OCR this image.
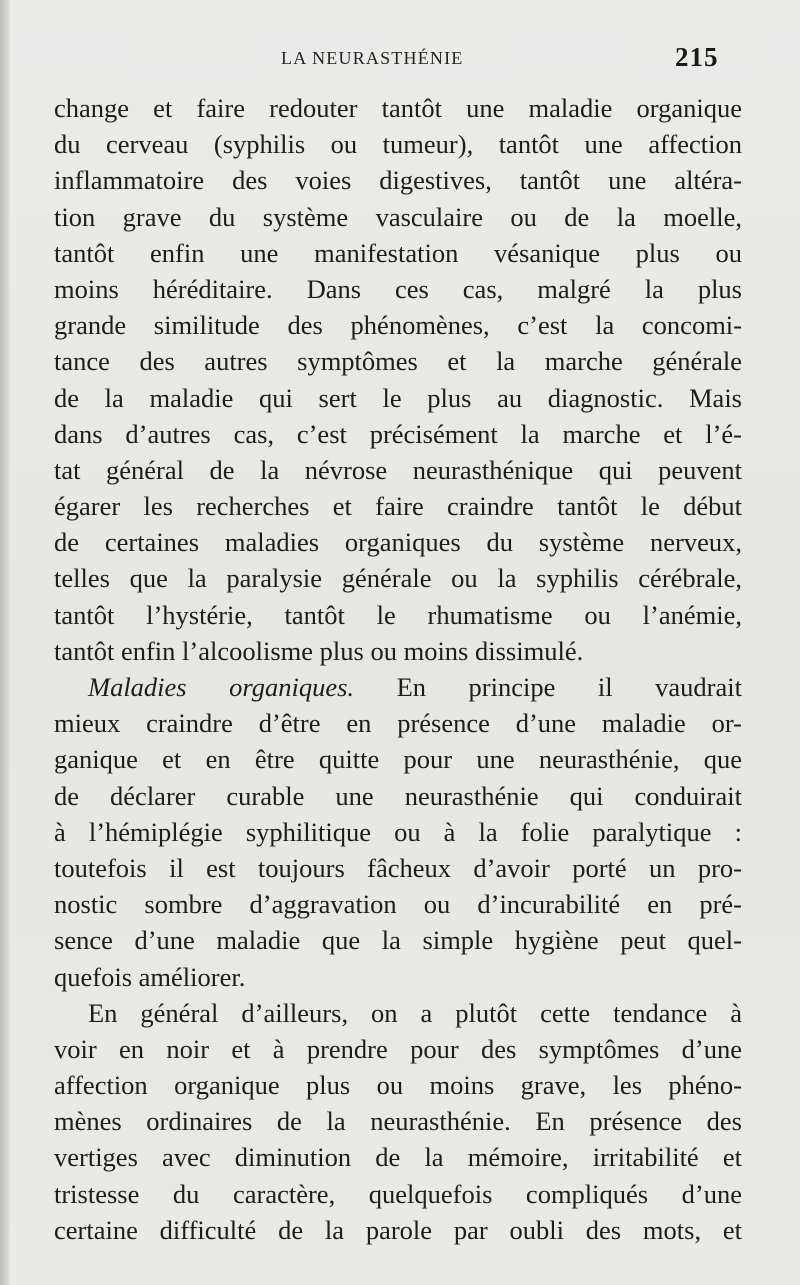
LA NEURASTHÉNIE	215
change et faire redouter tantôt une maladie organique
du cerveau (syphilis ou tumeur), tantôt une affection
inflammatoire des voies digestives, tantôt une altéra-
tion grave du système vasculaire ou de la moelle,
tantôt enfin une manifestation vésanique plus ou
moins héréditaire. Dans ces cas, malgré la plus
grande similitude des phénomènes, c’est la concomi-
tance des autres symptômes et la marche générale
de la maladie qui sert le plus au diagnostic. Mais
dans d’autres cas, c’est précisément la marche et l’é-
tat général de la névrose neurasthénique qui peuvent
égarer les recherches et faire craindre tantôt le début
de certaines maladies organiques du système nerveux,
telles que la paralysie générale ou la syphilis cérébrale,
tantôt l’hystérie, tantôt le rhumatisme ou l’anémie,
tantôt enfin l’alcoolisme plus ou moins dissimulé.
Maladies organiques. En principe il vaudrait
mieux craindre d’être en présence d’une maladie or-
ganique et en être quitte pour une neurasthénie, que
de déclarer curable une neurasthénie qui conduirait
à l’hémiplégie syphilitique ou à la folie paralytique :
toutefois il est toujours fâcheux d’avoir porté un pro-
nostic sombre d’aggravation ou d’incurabilité en pré-
sence d’une maladie que la simple hygiène peut quel-
quefois améliorer.
En général d’ailleurs, on a plutôt cette tendance à
voir en noir et à prendre pour des symptômes d’une
affection organique plus ou moins grave, les phéno-
mènes ordinaires de la neurasthénie. En présence des
vertiges avec diminution de la mémoire, irritabilité et
tristesse du caractère, quelquefois compliqués d’une
certaine difficulté de la parole par oubli des mots, et
